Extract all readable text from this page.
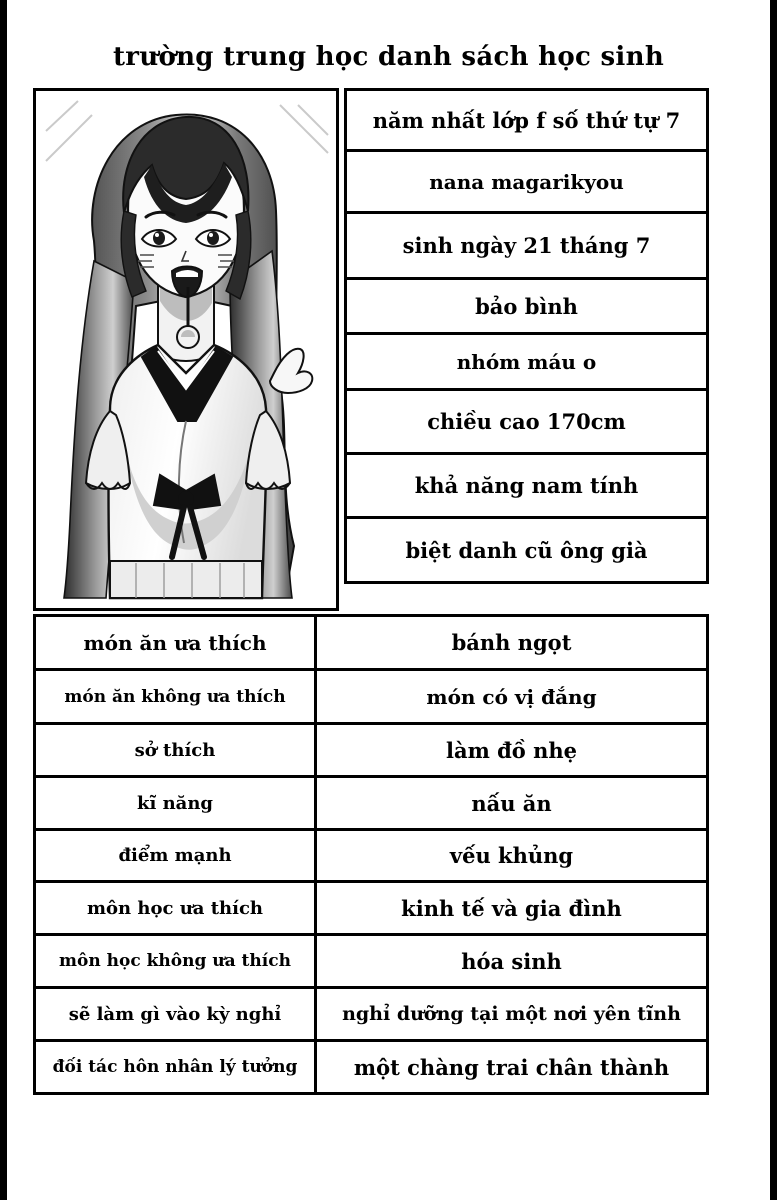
trường trung học danh sách học sinh
năm nhất lớp f số thứ tự 7
nana magarikyou
sinh ngày 21 tháng 7
bảo bình
nhóm máu o
chiều cao 170cm
khả năng nam tính
biệt danh cũ ông già
món ăn ưa thích	bánh ngọt
món ăn không ưa thích	món có vị đắng
sở thích	làm đồ nhẹ
kĩ năng	nấu ăn
điểm mạnh	vếu khủng
môn học ưa thích	kinh tế và gia đình
môn học không ưa thích	hóa sinh
sẽ làm gì vào kỳ nghỉ	nghỉ dưỡng tại một nơi yên tĩnh
đối tác hôn nhân lý tưởng	một chàng trai chân thành
